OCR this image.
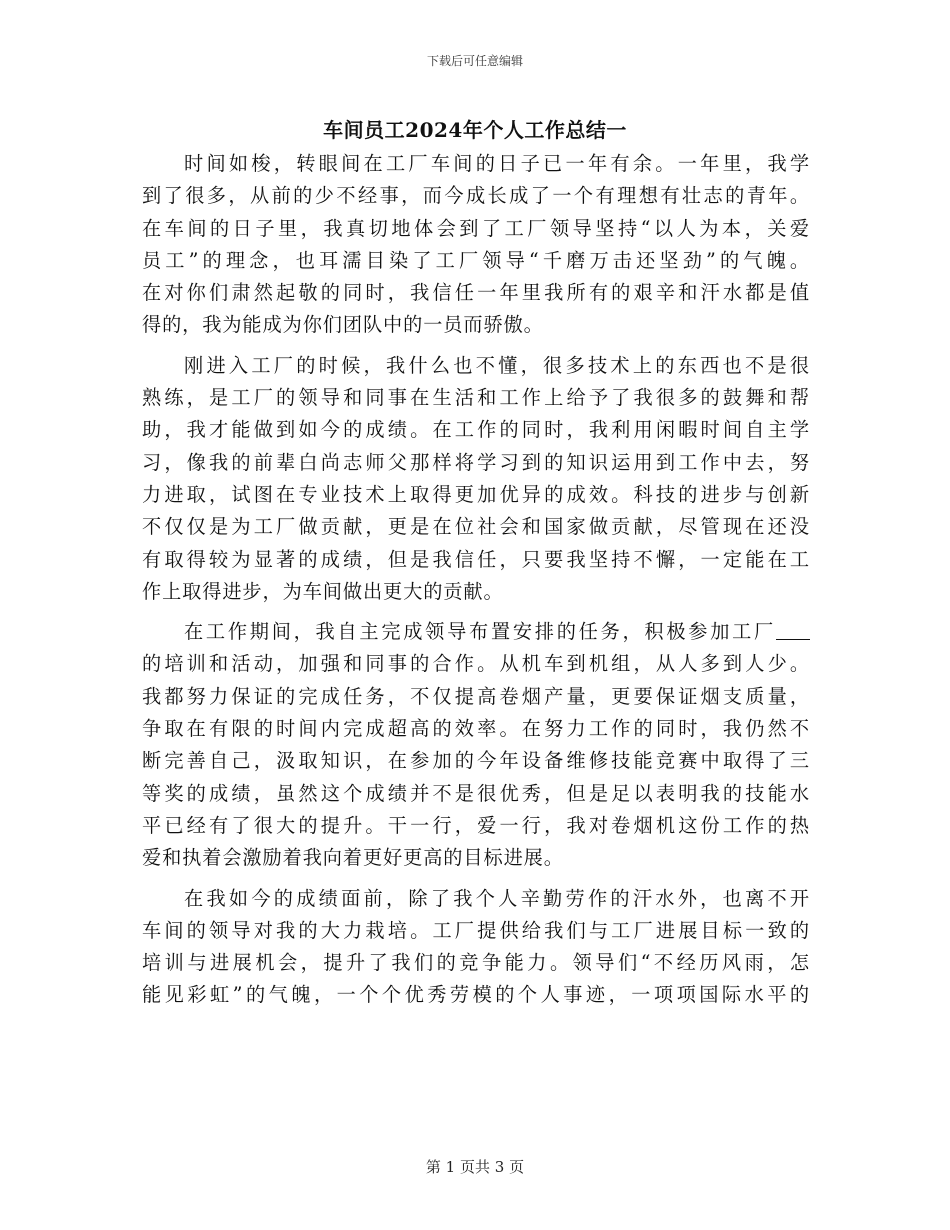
下载后可任意编辑
车间员工2024年个人工作总结一
时间如梭，转眼间在工厂车间的日子已一年有余。一年里，我学
到了很多，从前的少不经事，而今成长成了一个有理想有壮志的青年。
在车间的日子里，我真切地体会到了工厂领导坚持“以人为本，关爱
员工”的理念，也耳濡目染了工厂领导“千磨万击还坚劲”的气魄。
在对你们肃然起敬的同时，我信任一年里我所有的艰辛和汗水都是值
得的，我为能成为你们团队中的一员而骄傲。
刚进入工厂的时候，我什么也不懂，很多技术上的东西也不是很
熟练，是工厂的领导和同事在生活和工作上给予了我很多的鼓舞和帮
助，我才能做到如今的成绩。在工作的同时，我利用闲暇时间自主学
习，像我的前辈白尚志师父那样将学习到的知识运用到工作中去，努
力进取，试图在专业技术上取得更加优异的成效。科技的进步与创新
不仅仅是为工厂做贡献，更是在位社会和国家做贡献，尽管现在还没
有取得较为显著的成绩，但是我信任，只要我坚持不懈，一定能在工
作上取得进步，为车间做出更大的贡献。
在工作期间，我自主完成领导布置安排的任务，积极参加工厂
的培训和活动，加强和同事的合作。从机车到机组，从人多到人少。
我都努力保证的完成任务，不仅提高卷烟产量，更要保证烟支质量，
争取在有限的时间内完成超高的效率。在努力工作的同时，我仍然不
断完善自己，汲取知识，在参加的今年设备维修技能竞赛中取得了三
等奖的成绩，虽然这个成绩并不是很优秀，但是足以表明我的技能水
平已经有了很大的提升。干一行，爱一行，我对卷烟机这份工作的热
爱和执着会激励着我向着更好更高的目标进展。
在我如今的成绩面前，除了我个人辛勤劳作的汗水外，也离不开
车间的领导对我的大力栽培。工厂提供给我们与工厂进展目标一致的
培训与进展机会，提升了我们的竞争能力。领导们“不经历风雨，怎
能见彩虹”的气魄，一个个优秀劳模的个人事迹，一项项国际水平的
第 1 页共 3 页
